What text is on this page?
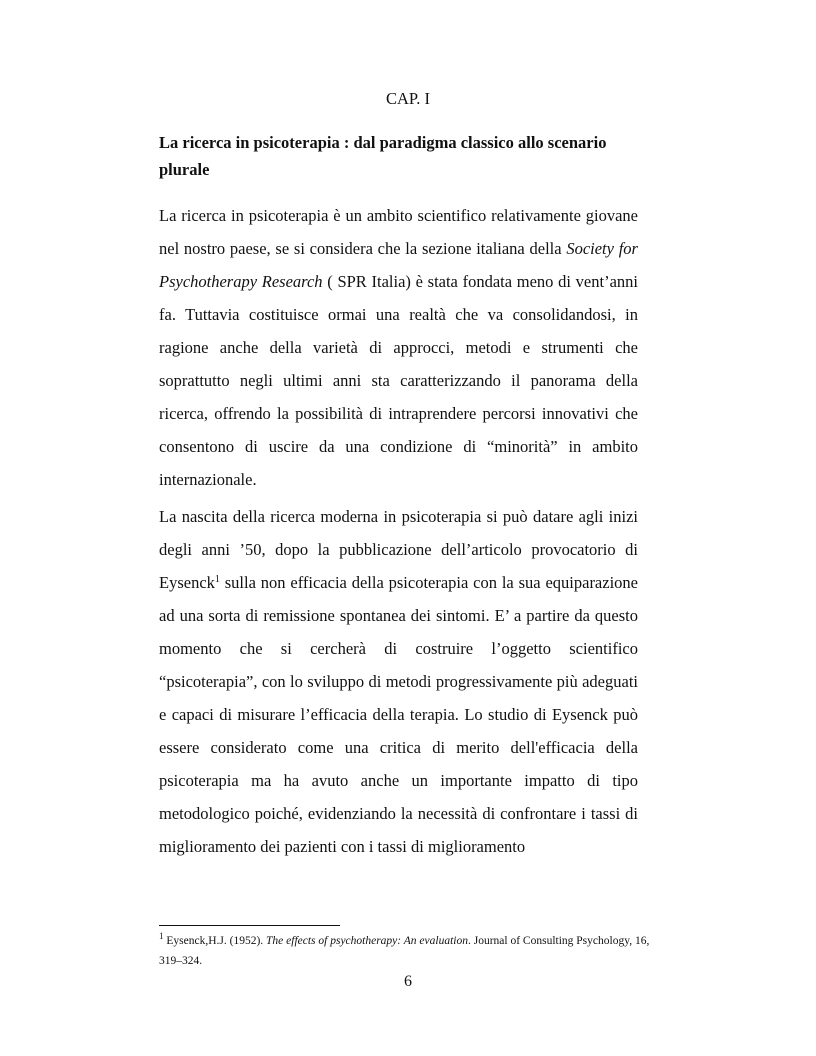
CAP. I
La ricerca in psicoterapia : dal paradigma classico allo scenario plurale

La ricerca in psicoterapia è un ambito scientifico relativamente giovane nel nostro paese, se si considera che la sezione italiana della Society for Psychotherapy Research ( SPR Italia) è stata fondata meno di vent’anni fa. Tuttavia costituisce ormai una realtà che va consolidandosi, in ragione anche della varietà di approcci, metodi e strumenti che soprattutto negli ultimi anni sta caratterizzando il panorama della ricerca, offrendo la possibilità di intraprendere percorsi innovativi che consentono di uscire da una condizione di “minorità” in ambito internazionale.

La nascita della ricerca moderna in psicoterapia si può datare agli inizi degli anni ’50, dopo la pubblicazione dell’articolo provocatorio di Eysenck$^1$ sulla non efficacia della psicoterapia con la sua equiparazione ad una sorta di remissione spontanea dei sintomi. E’ a partire da questo momento che si cercherà di costruire l’oggetto scientifico “psicoterapia”, con lo sviluppo di metodi progressivamente più adeguati e capaci di misurare l’efficacia della terapia. Lo studio di Eysenck può essere considerato come una critica di merito dell'efficacia della psicoterapia ma ha avuto anche un importante impatto di tipo metodologico poiché, evidenziando la necessità di confrontare i tassi di miglioramento dei pazienti con i tassi di miglioramento

$^1$ Eysenck,H.J. (1952). The effects of psychotherapy: An evaluation. Journal of Consulting Psychology, 16, 319–324.
6
